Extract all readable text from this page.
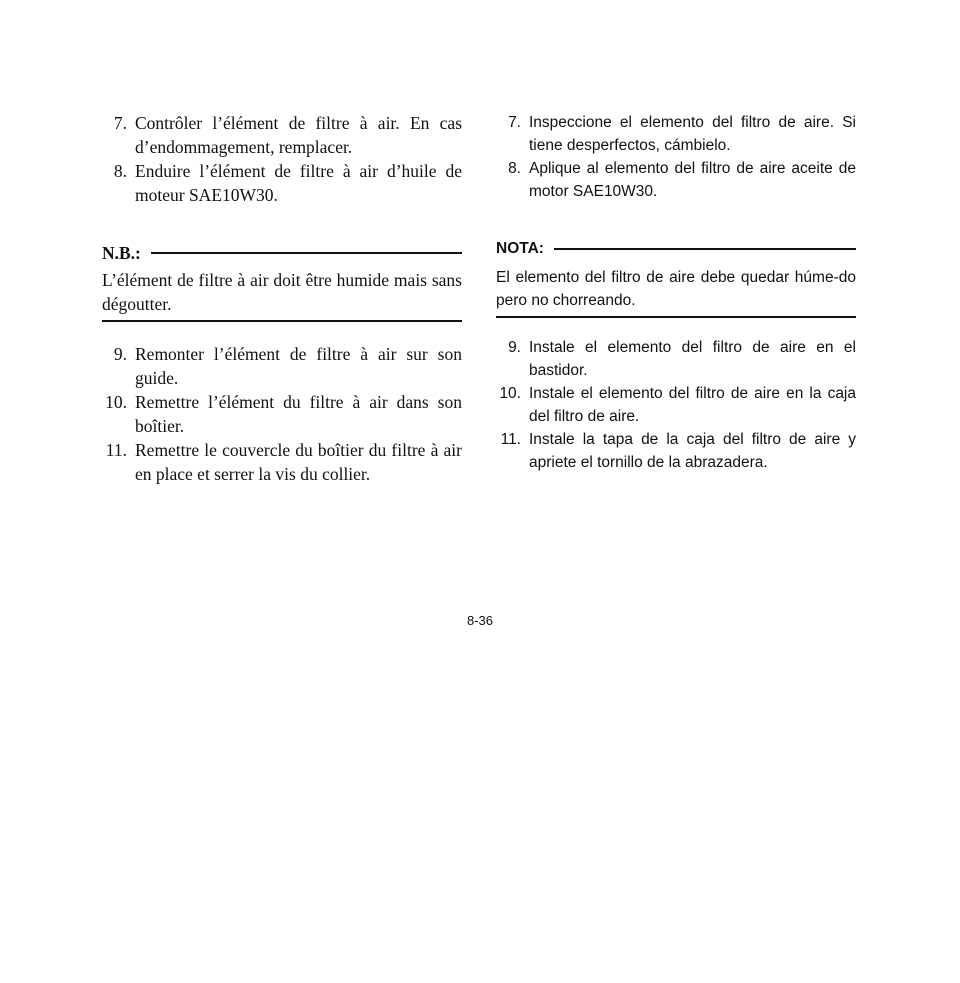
7. Contrôler l’élément de filtre à air. En cas d’endommagement, remplacer.
8. Enduire l’élément de filtre à air d’huile de moteur SAE10W30.
N.B.:
L’élément de filtre à air doit être humide mais sans dégoutter.
9. Remonter l’élément de filtre à air sur son guide.
10. Remettre l’élément du filtre à air dans son boîtier.
11. Remettre le couvercle du boîtier du filtre à air en place et serrer la vis du collier.
7. Inspeccione el elemento del filtro de aire. Si tiene desperfectos, cámbielo.
8. Aplique al elemento del filtro de aire aceite de motor SAE10W30.
NOTA:
El elemento del filtro de aire debe quedar húme-do pero no chorreando.
9. Instale el elemento del filtro de aire en el bastidor.
10. Instale el elemento del filtro de aire en la caja del filtro de aire.
11. Instale la tapa de la caja del filtro de aire y apriete el tornillo de la abrazadera.
8-36
